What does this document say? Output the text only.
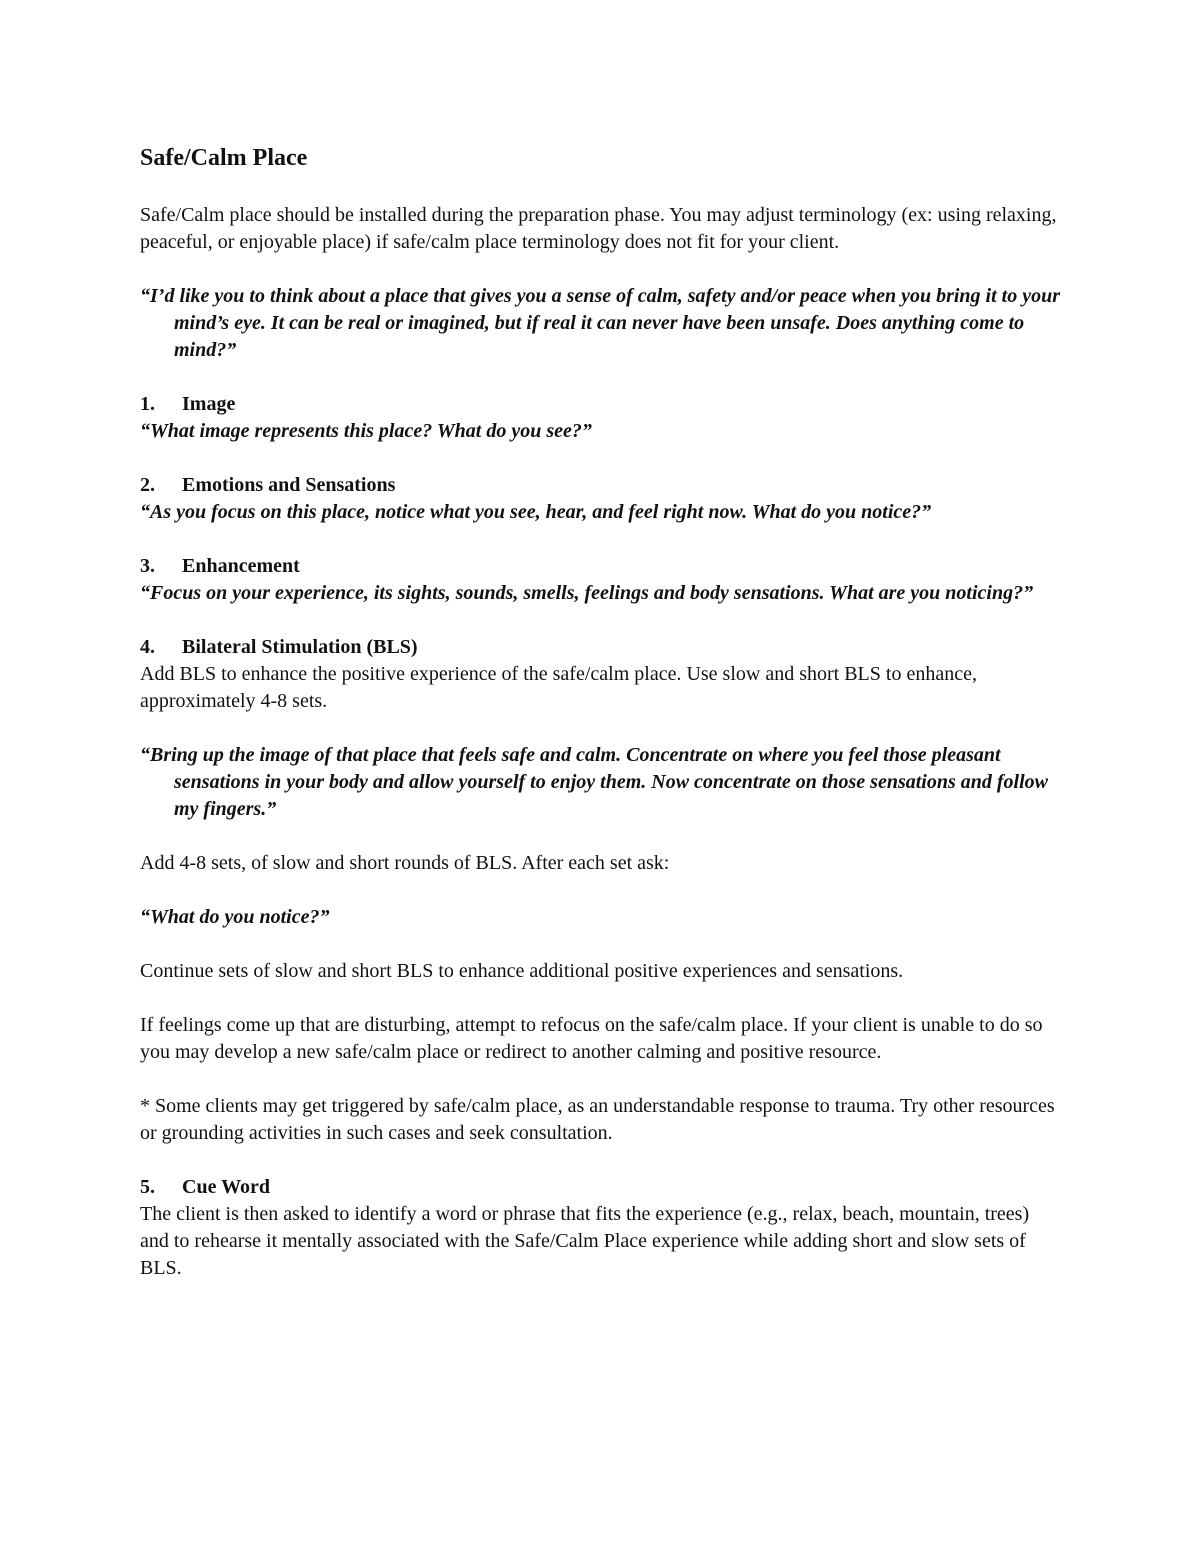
Safe/Calm Place

Safe/Calm place should be installed during the preparation phase. You may adjust terminology (ex: using relaxing, peaceful, or enjoyable place) if safe/calm place terminology does not fit for your client.

“I’d like you to think about a place that gives you a sense of calm, safety and/or peace when you bring it to your mind’s eye. It can be real or imagined, but if real it can never have been unsafe. Does anything come to mind?”

1. Image

“What image represents this place? What do you see?”

2. Emotions and Sensations

“As you focus on this place, notice what you see, hear, and feel right now. What do you notice?”

3. Enhancement

“Focus on your experience, its sights, sounds, smells, feelings and body sensations. What are you noticing?”

4. Bilateral Stimulation (BLS)

Add BLS to enhance the positive experience of the safe/calm place. Use slow and short BLS to enhance, approximately 4-8 sets.

“Bring up the image of that place that feels safe and calm. Concentrate on where you feel those pleasant sensations in your body and allow yourself to enjoy them. Now concentrate on those sensations and follow my fingers.”

Add 4-8 sets, of slow and short rounds of BLS. After each set ask:

“What do you notice?”

Continue sets of slow and short BLS to enhance additional positive experiences and sensations.

If feelings come up that are disturbing, attempt to refocus on the safe/calm place. If your client is unable to do so you may develop a new safe/calm place or redirect to another calming and positive resource.

* Some clients may get triggered by safe/calm place, as an understandable response to trauma. Try other resources or grounding activities in such cases and seek consultation.

5. Cue Word

The client is then asked to identify a word or phrase that fits the experience (e.g., relax, beach, mountain, trees) and to rehearse it mentally associated with the Safe/Calm Place experience while adding short and slow sets of BLS.
